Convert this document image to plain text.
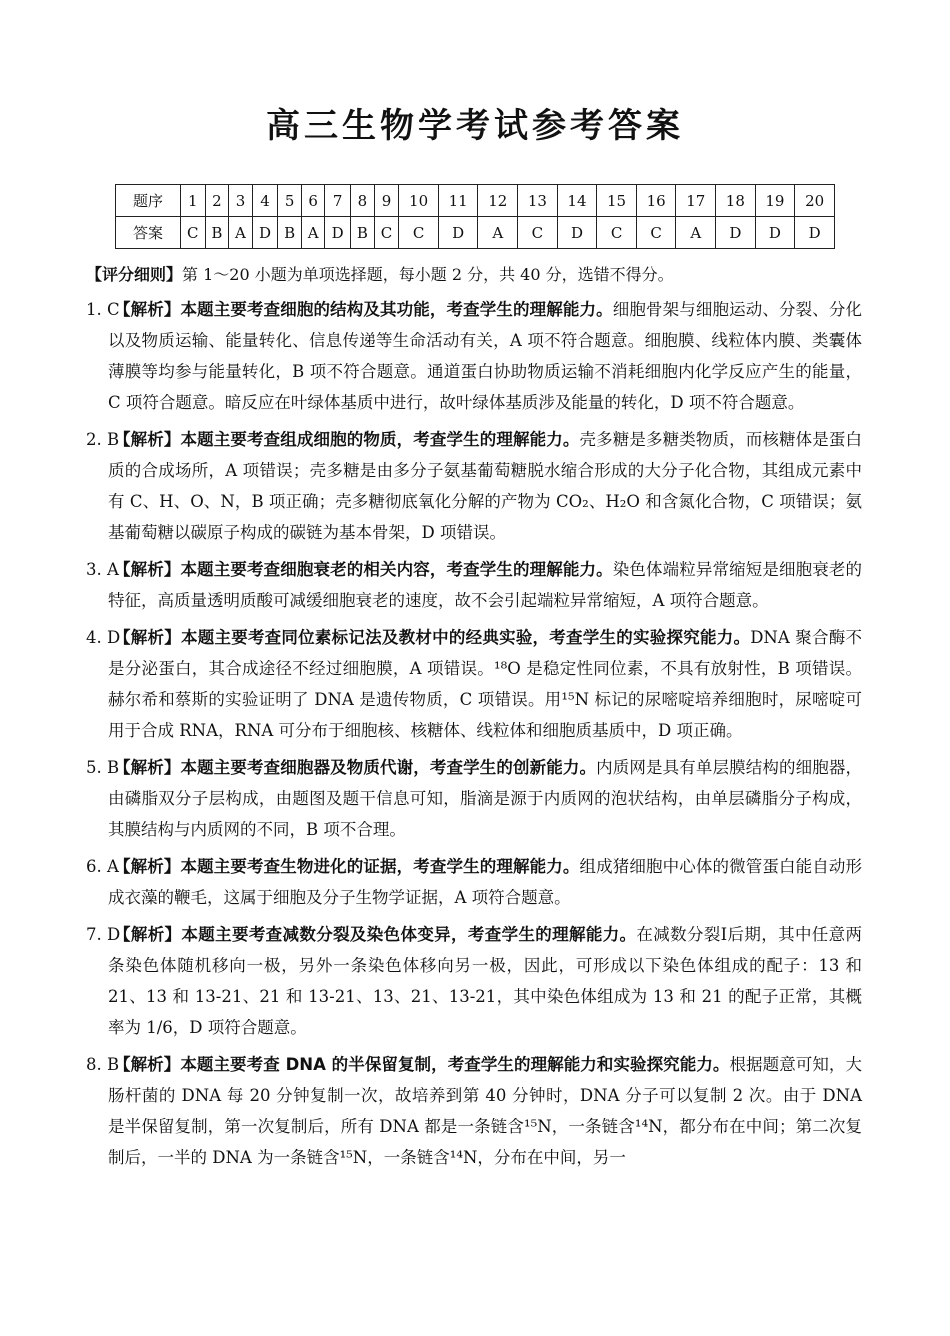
高三生物学考试参考答案
题序	1	2	3	4	5	6	7	8	9	10	11	12	13	14	15	16	17	18	19	20
答案	C	B	A	D	B	A	D	B	C	C	D	A	C	D	C	C	A	D	D	D
【评分细则】第 1～20 小题为单项选择题，每小题 2 分，共 40 分，选错不得分。
1. C
【解析】本题主要考查细胞的结构及其功能，考查学生的理解能力。细胞骨架与细胞运动、分裂、分化以及物质运输、能量转化、信息传递等生命活动有关，A 项不符合题意。细胞膜、线粒体内膜、类囊体薄膜等均参与能量转化，B 项不符合题意。通道蛋白协助物质运输不消耗细胞内化学反应产生的能量，C 项符合题意。暗反应在叶绿体基质中进行，故叶绿体基质涉及能量的转化，D 项不符合题意。
2. B
【解析】本题主要考查组成细胞的物质，考查学生的理解能力。壳多糖是多糖类物质，而核糖体是蛋白质的合成场所，A 项错误；壳多糖是由多分子氨基葡萄糖脱水缩合形成的大分子化合物，其组成元素中有 C、H、O、N，B 项正确；壳多糖彻底氧化分解的产物为 CO₂、H₂O 和含氮化合物，C 项错误；氨基葡萄糖以碳原子构成的碳链为基本骨架，D 项错误。
3. A
【解析】本题主要考查细胞衰老的相关内容，考查学生的理解能力。染色体端粒异常缩短是细胞衰老的特征，高质量透明质酸可减缓细胞衰老的速度，故不会引起端粒异常缩短，A 项符合题意。
4. D
【解析】本题主要考查同位素标记法及教材中的经典实验，考查学生的实验探究能力。DNA 聚合酶不是分泌蛋白，其合成途径不经过细胞膜，A 项错误。¹⁸O 是稳定性同位素，不具有放射性，B 项错误。赫尔希和蔡斯的实验证明了 DNA 是遗传物质，C 项错误。用¹⁵N 标记的尿嘧啶培养细胞时，尿嘧啶可用于合成 RNA，RNA 可分布于细胞核、核糖体、线粒体和细胞质基质中，D 项正确。
5. B
【解析】本题主要考查细胞器及物质代谢，考查学生的创新能力。内质网是具有单层膜结构的细胞器，由磷脂双分子层构成，由题图及题干信息可知，脂滴是源于内质网的泡状结构，由单层磷脂分子构成，其膜结构与内质网的不同，B 项不合理。
6. A
【解析】本题主要考查生物进化的证据，考查学生的理解能力。组成猪细胞中心体的微管蛋白能自动形成衣藻的鞭毛，这属于细胞及分子生物学证据，A 项符合题意。
7. D
【解析】本题主要考查减数分裂及染色体变异，考查学生的理解能力。在减数分裂Ⅰ后期，其中任意两条染色体随机移向一极，另外一条染色体移向另一极，因此，可形成以下染色体组成的配子：13 和 21、13 和 13-21、21 和 13-21、13、21、13-21，其中染色体组成为 13 和 21 的配子正常，其概率为 1/6，D 项符合题意。
8. B
【解析】本题主要考查 DNA 的半保留复制，考查学生的理解能力和实验探究能力。根据题意可知，大肠杆菌的 DNA 每 20 分钟复制一次，故培养到第 40 分钟时，DNA 分子可以复制 2 次。由于 DNA 是半保留复制，第一次复制后，所有 DNA 都是一条链含¹⁵N，一条链含¹⁴N，都分布在中间；第二次复制后，一半的 DNA 为一条链含¹⁵N，一条链含¹⁴N，分布在中间，另一
